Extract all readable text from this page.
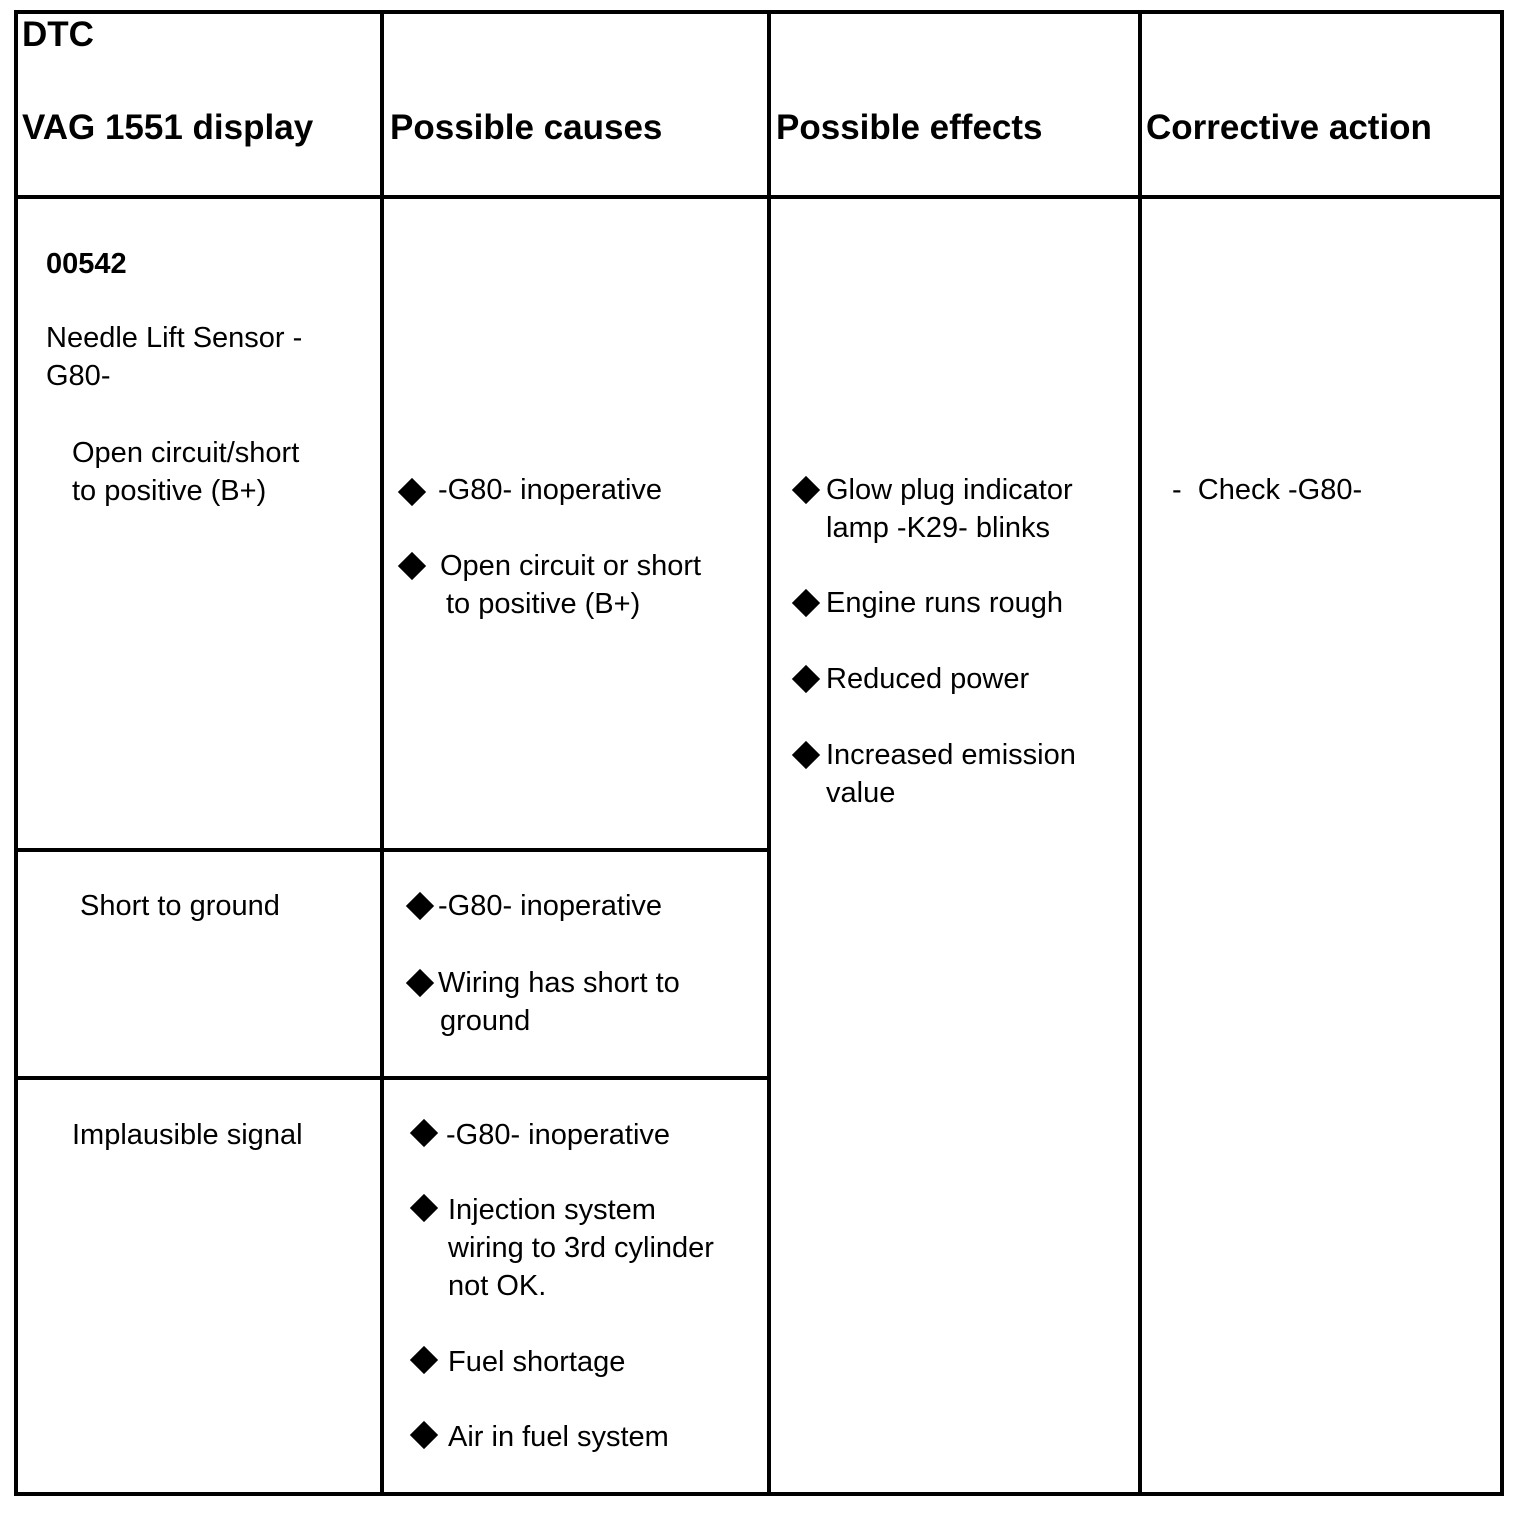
DTC
VAG 1551 display Possible causes	Possible effects	Corrective action
00542
Needle Lift Sensor -
G80-
Open circuit/short
to positive (B+)
Short to ground
Implausible signal
-G80- inoperative
Open circuit or short
to positive (B+)
-G80- inoperative
Wiring has short to
ground
-G80- inoperative
Injection system
wiring to 3rd cylinder
not OK.
Fuel shortage
Air in fuel system
Glow plug indicator
lamp -K29- blinks
Engine runs rough
Reduced power
Increased emission
value
-  Check -G80-
